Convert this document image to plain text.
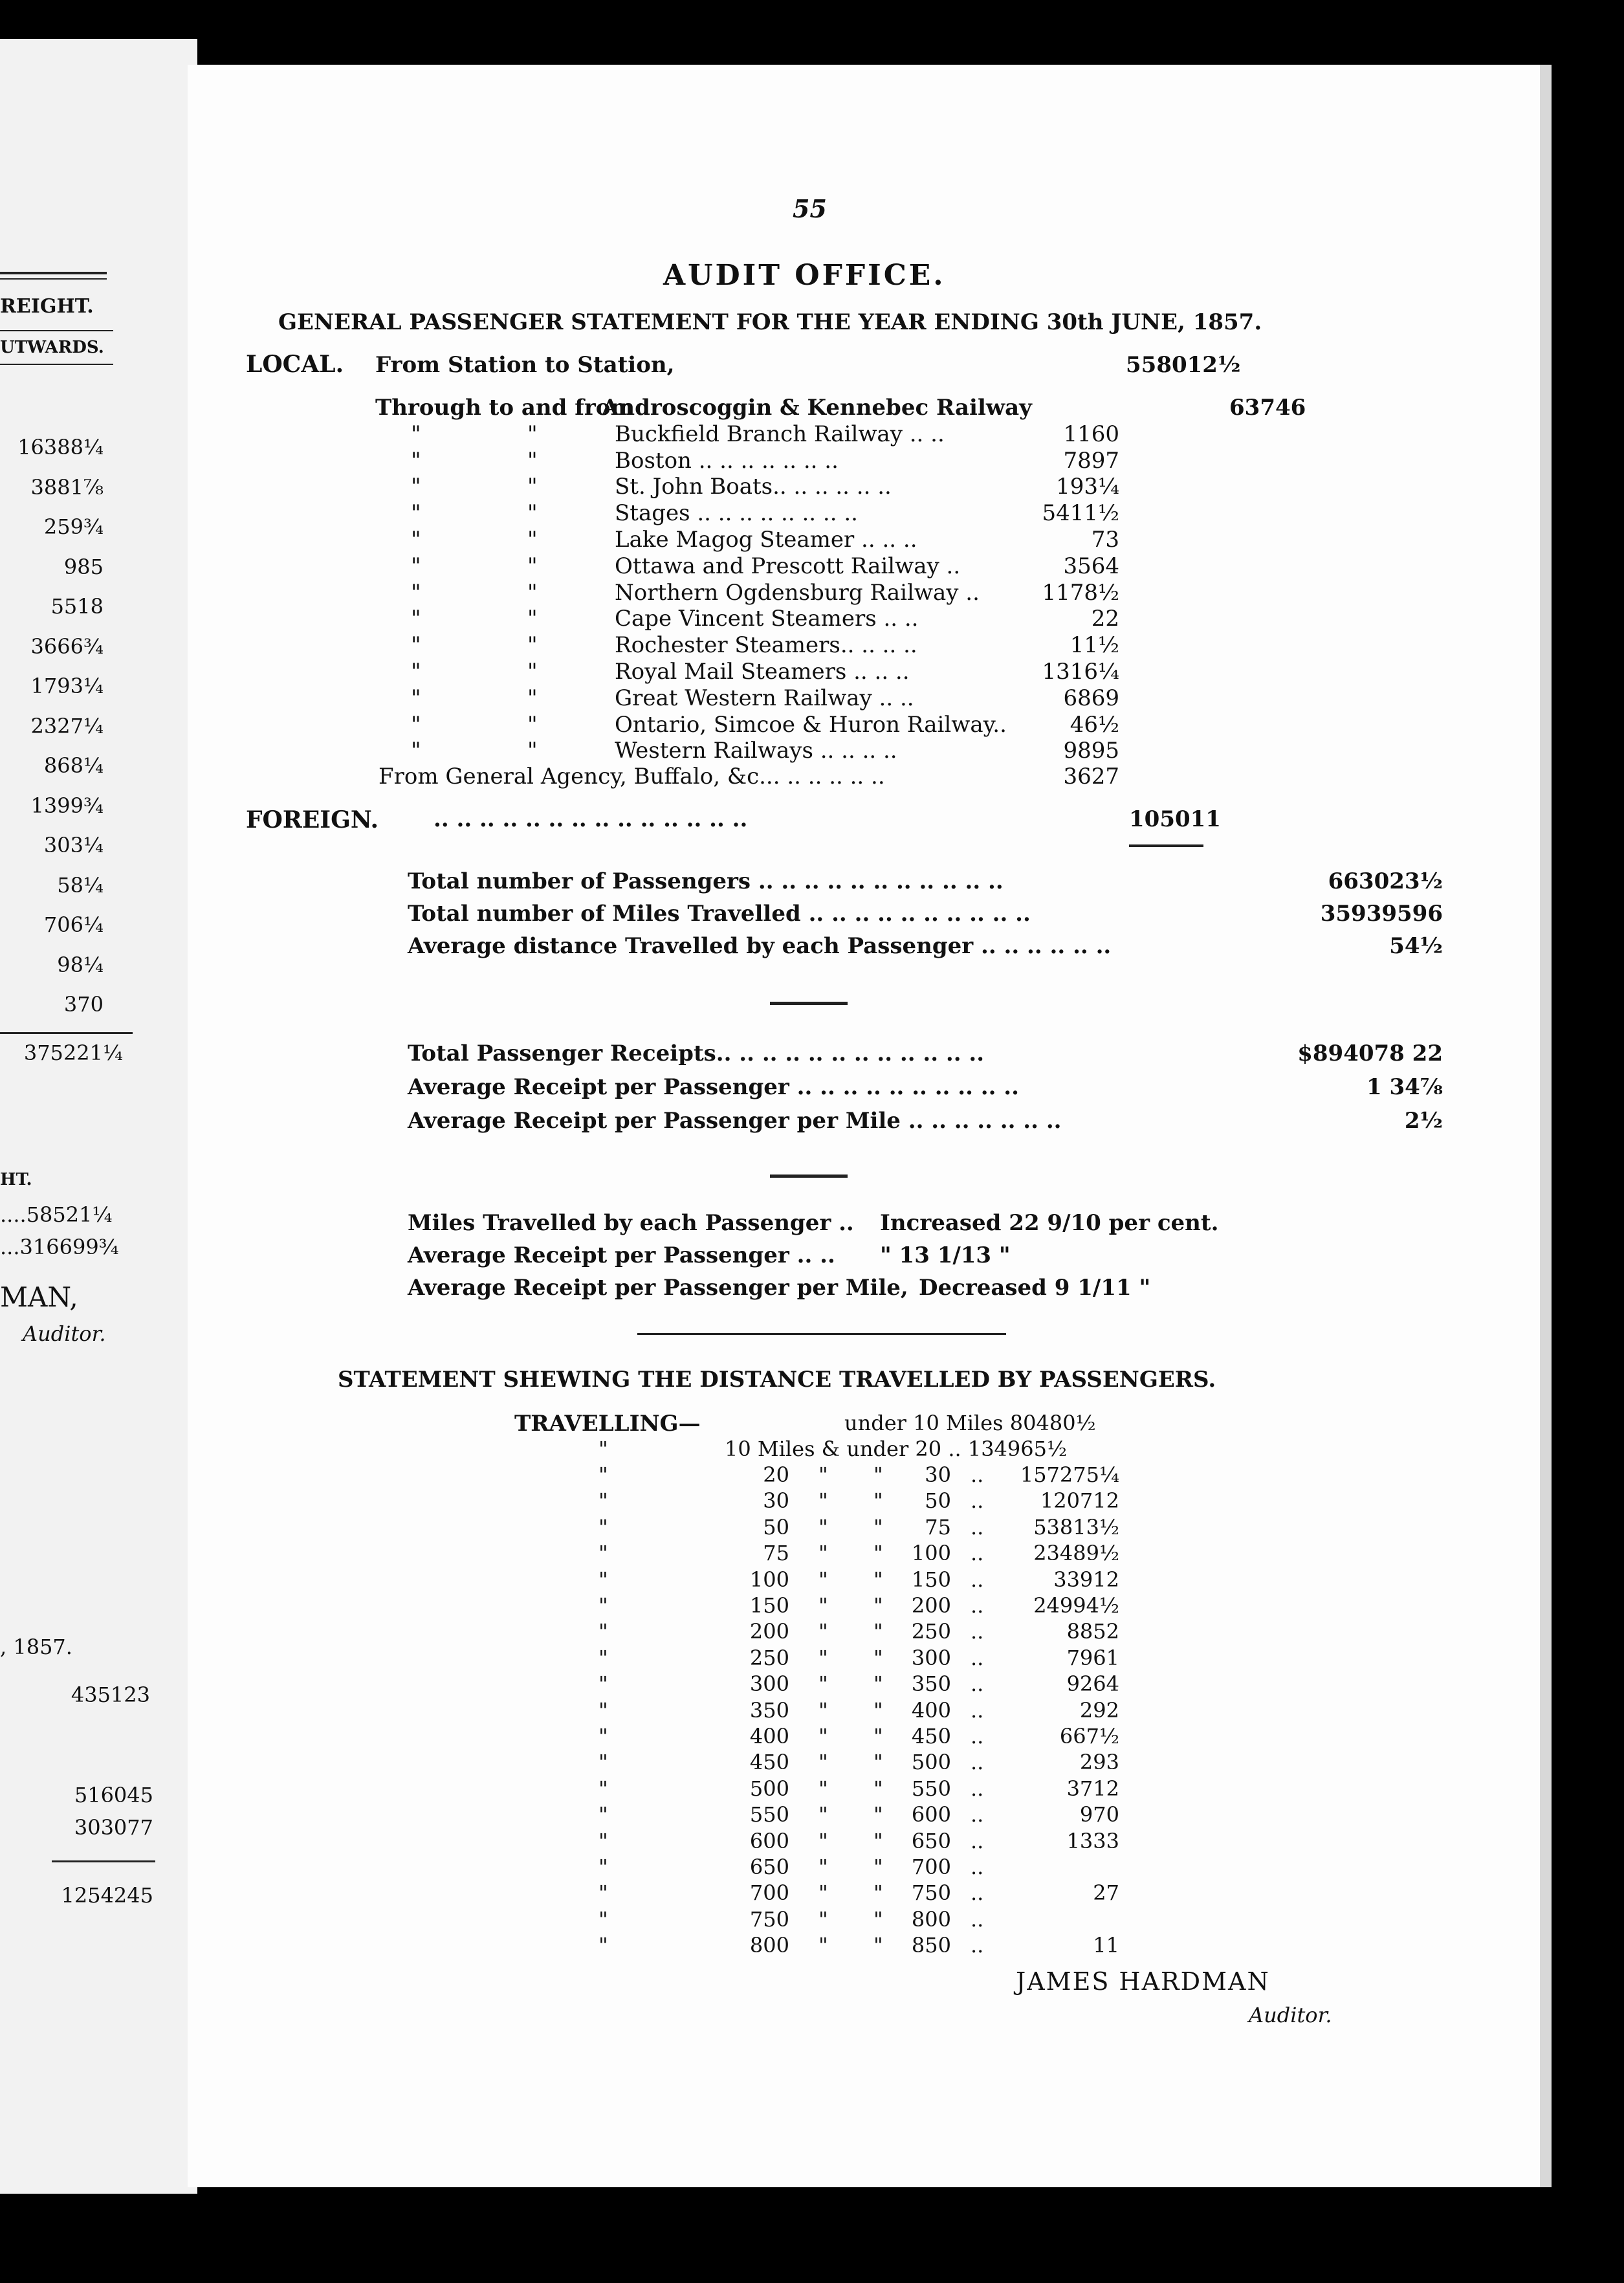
REIGHT.
UTWARDS.
16388¼
3881⅞
259¾
985
5518
3666¾
1793¼
2327¼
868¼
1399¾
303¼
58¼
706¼
98¼
370
375221¼
HT.
....58521¼
...316699¾
MAN,
Auditor.
, 1857.
435123
516045
303077
1254245
55
AUDIT OFFICE.
GENERAL PASSENGER STATEMENT FOR THE YEAR ENDING 30th JUNE, 1857.
LOCAL. From Station to Station,	558012½
Through to and from
Androscoggin & Kennebec Railway	63746
"	"	Buckfield Branch Railway .. ..	1160
"	"	Boston .. .. .. .. .. .. ..	7897
"	"	St. John Boats.. .. .. .. .. ..	193¼
"	"	Stages .. .. .. .. .. .. .. ..	5411½
"	"	Lake Magog Steamer .. .. ..	73
"	"	Ottawa and Prescott Railway ..	3564
"	"	Northern Ogdensburg Railway ..	1178½
"	"	Cape Vincent Steamers .. ..	22
"	"	Rochester Steamers.. .. .. ..	11½
"	"	Royal Mail Steamers .. .. ..	1316¼
"	"	Great Western Railway .. ..	6869
"	"	Ontario, Simcoe & Huron Railway..	46½
"	"	Western Railways .. .. .. ..	9895
From General Agency, Buffalo, &c... .. .. .. .. ..	3627
FOREIGN.	.. .. .. .. .. .. .. .. .. .. .. .. .. ..	105011
Total number of Passengers .. .. .. .. .. .. .. .. .. .. ..	663023½
Total number of Miles Travelled .. .. .. .. .. .. .. .. .. ..	35939596
Average distance Travelled by each Passenger .. .. .. .. .. ..	54½
Total Passenger Receipts.. .. .. .. .. .. .. .. .. .. .. ..	$894078 22
Average Receipt per Passenger .. .. .. .. .. .. .. .. .. ..	1 34⅞
Average Receipt per Passenger per Mile .. .. .. .. .. .. ..	2½
Miles Travelled by each Passenger .. Increased 22 9/10 per cent.
Average Receipt per Passenger .. .. " 13 1/13 "
Average Receipt per Passenger per Mile, Decreased 9 1/11 "
STATEMENT SHEWING THE DISTANCE TRAVELLED BY PASSENGERS.
TRAVELLING—	under 10 Miles 80480½
"	10 Miles & under 20 .. 134965½
"	20 " "	30 .. 157275¼
"	30 " "	50 ..	120712
"	50 " "	75 ..	53813½
"	75 " "	100 ..	23489½
"	100 " "	150 ..	33912
"	150 " "	200 ..	24994½
"	200 " "	250 ..	8852
"	250 " "	300 ..	7961
"	300 " "	350 ..	9264
"	350 " "	400 ..	292
"	400 " "	450 ..	667½
"	450 " "	500 ..	293
"	500 " "	550 ..	3712
"	550 " "	600 ..	970
"	600 " "	650 ..	1333
"	650 " "	700 ..
"	700 " "	750 ..	27
"	750 " "	800 ..
"	800 " "	850 ..	11
JAMES HARDMAN
Auditor.
